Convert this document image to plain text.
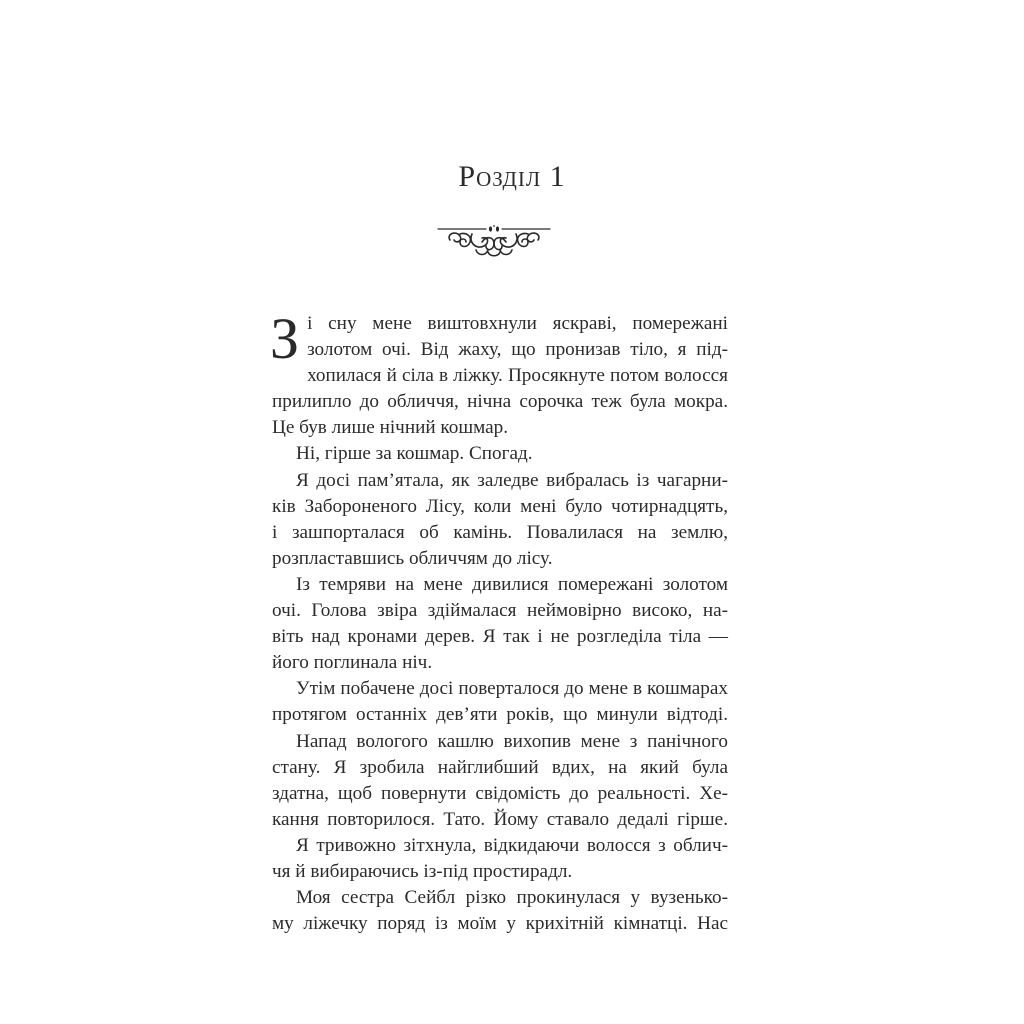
Розділ 1
З і сну мене виштовхнули яскраві, помережані
золотом очі. Від жаху, що пронизав тіло, я під-
хопилася й сіла в ліжку. Просякнуте потом волосся
прилипло до обличчя, нічна сорочка теж була мокра.
Це був лише нічний кошмар.
Ні, гірше за кошмар. Спогад.
Я досі пам’ятала, як заледве вибралась із чагарни-
ків Забороненого Лісу, коли мені було чотирнадцять,
і зашпорталася об камінь. Повалилася на землю,
розпластавшись обличчям до лісу.
Із темряви на мене дивилися помережані золотом
очі. Голова звіра здіймалася неймовірно високо, на-
віть над кронами дерев. Я так і не розгледіла тіла —
його поглинала ніч.
Утім побачене досі поверталося до мене в кошмарах
протягом останніх дев’яти років, що минули відтоді.
Напад вологого кашлю вихопив мене з панічного
стану. Я зробила найглибший вдих, на який була
здатна, щоб повернути свідомість до реальності. Хе-
кання повторилося. Тато. Йому ставало дедалі гірше.
Я тривожно зітхнула, відкидаючи волосся з облич-
чя й вибираючись із-під простирадл.
Моя сестра Сейбл різко прокинулася у вузенько-
му ліжечку поряд із моїм у крихітній кімнатці. Нас
